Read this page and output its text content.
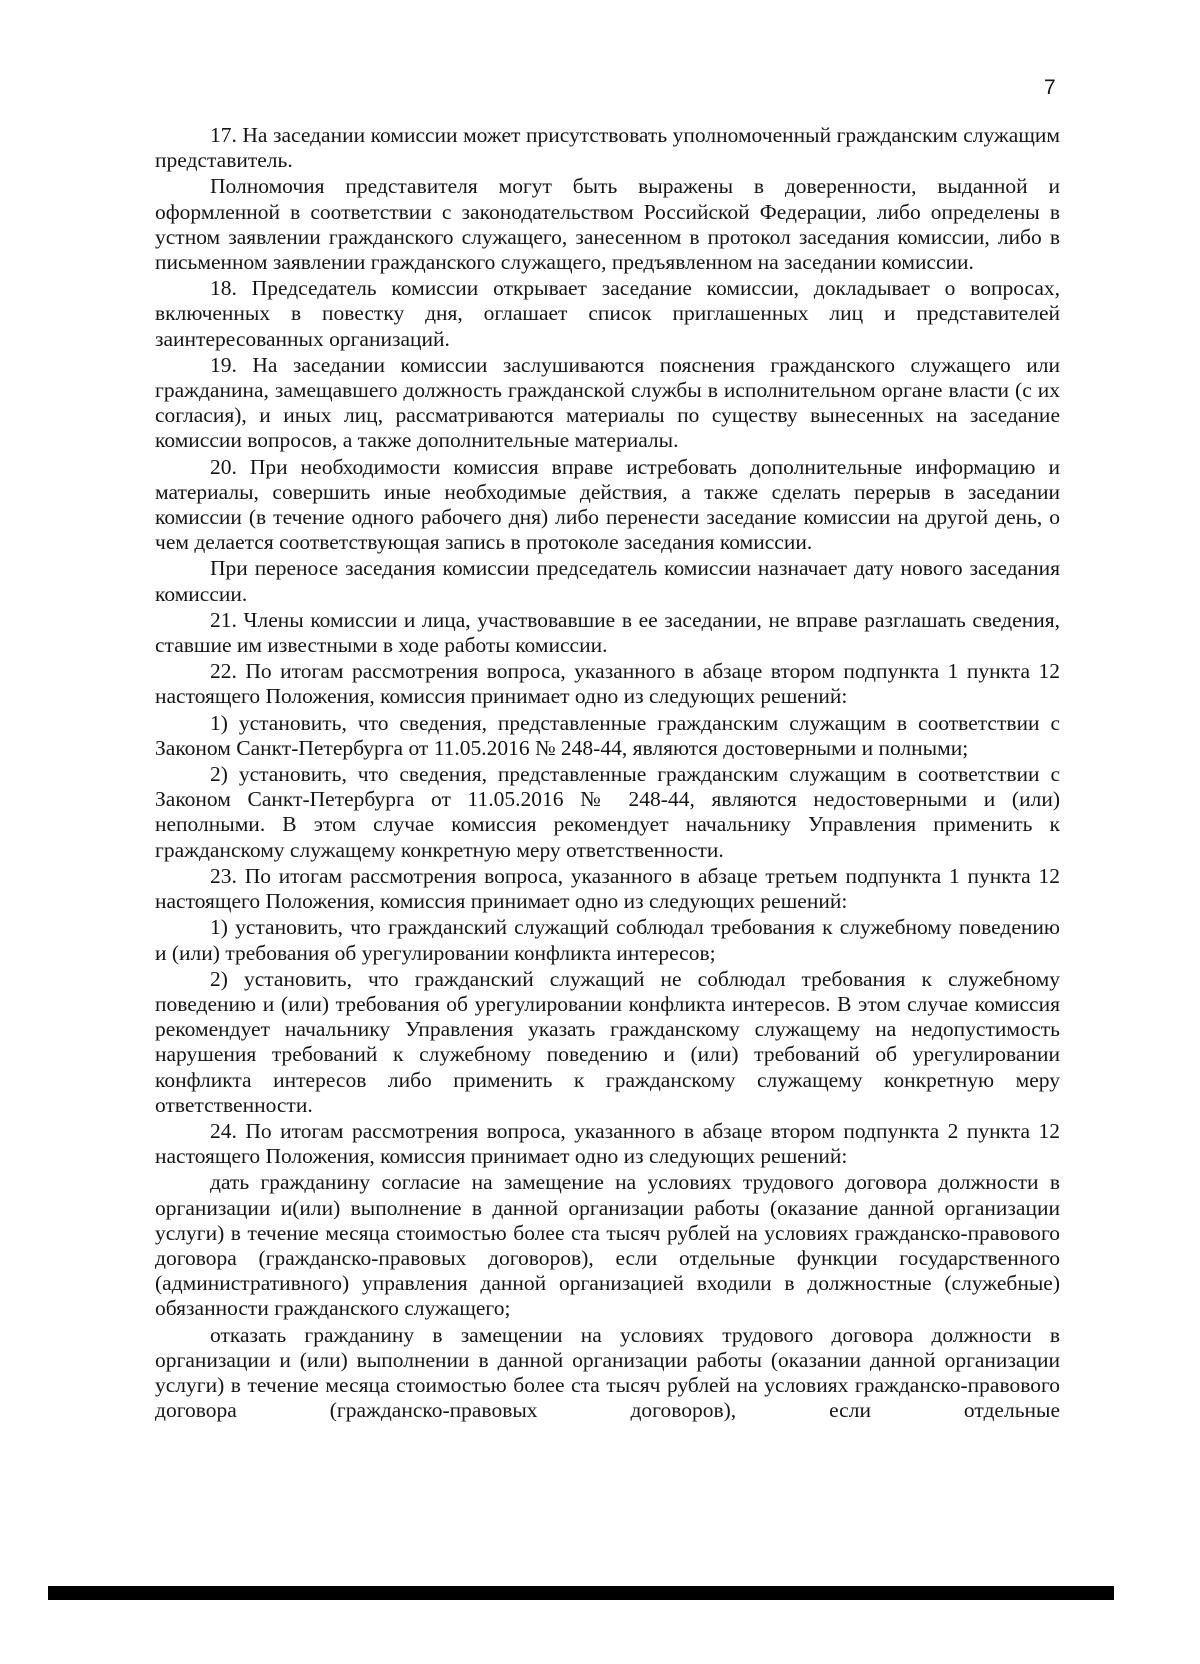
7

17. На заседании комиссии может присутствовать уполномоченный гражданским служащим представитель.

Полномочия представителя могут быть выражены в доверенности, выданной и оформленной в соответствии с законодательством Российской Федерации, либо определены в устном заявлении гражданского служащего, занесенном в протокол заседания комиссии, либо в письменном заявлении гражданского служащего, предъявленном на заседании комиссии.

18. Председатель комиссии открывает заседание комиссии, докладывает о вопросах, включенных в повестку дня, оглашает список приглашенных лиц и представителей заинтересованных организаций.

19. На заседании комиссии заслушиваются пояснения гражданского служащего или гражданина, замещавшего должность гражданской службы в исполнительном органе власти (с их согласия), и иных лиц, рассматриваются материалы по существу вынесенных на заседание комиссии вопросов, а также дополнительные материалы.

20. При необходимости комиссия вправе истребовать дополнительные информацию и материалы, совершить иные необходимые действия, а также сделать перерыв в заседании комиссии (в течение одного рабочего дня) либо перенести заседание комиссии на другой день, о чем делается соответствующая запись в протоколе заседания комиссии.

При переносе заседания комиссии председатель комиссии назначает дату нового заседания комиссии.

21. Члены комиссии и лица, участвовавшие в ее заседании, не вправе разглашать сведения, ставшие им известными в ходе работы комиссии.

22. По итогам рассмотрения вопроса, указанного в абзаце втором подпункта 1 пункта 12 настоящего Положения, комиссия принимает одно из следующих решений:

1) установить, что сведения, представленные гражданским служащим в соответствии с Законом Санкт-Петербурга от 11.05.2016 № 248-44, являются достоверными и полными;

2) установить, что сведения, представленные гражданским служащим в соответствии с Законом Санкт-Петербурга от 11.05.2016 № 248-44, являются недостоверными и (или) неполными. В этом случае комиссия рекомендует начальнику Управления применить к гражданскому служащему конкретную меру ответственности.

23. По итогам рассмотрения вопроса, указанного в абзаце третьем подпункта 1 пункта 12 настоящего Положения, комиссия принимает одно из следующих решений:

1) установить, что гражданский служащий соблюдал требования к служебному поведению и (или) требования об урегулировании конфликта интересов;

2) установить, что гражданский служащий не соблюдал требования к служебному поведению и (или) требования об урегулировании конфликта интересов. В этом случае комиссия рекомендует начальнику Управления указать гражданскому служащему на недопустимость нарушения требований к служебному поведению и (или) требований об урегулировании конфликта интересов либо применить к гражданскому служащему конкретную меру ответственности.

24. По итогам рассмотрения вопроса, указанного в абзаце втором подпункта 2 пункта 12 настоящего Положения, комиссия принимает одно из следующих решений:

дать гражданину согласие на замещение на условиях трудового договора должности в организации и(или) выполнение в данной организации работы (оказание данной организации услуги) в течение месяца стоимостью более ста тысяч рублей на условиях гражданско-правового договора (гражданско-правовых договоров), если отдельные функции государственного (административного) управления данной организацией входили в должностные (служебные) обязанности гражданского служащего;

отказать гражданину в замещении на условиях трудового договора должности в организации и (или) выполнении в данной организации работы (оказании данной организации услуги) в течение месяца стоимостью более ста тысяч рублей на условиях гражданско-правового договора (гражданско-правовых договоров), если отдельные
